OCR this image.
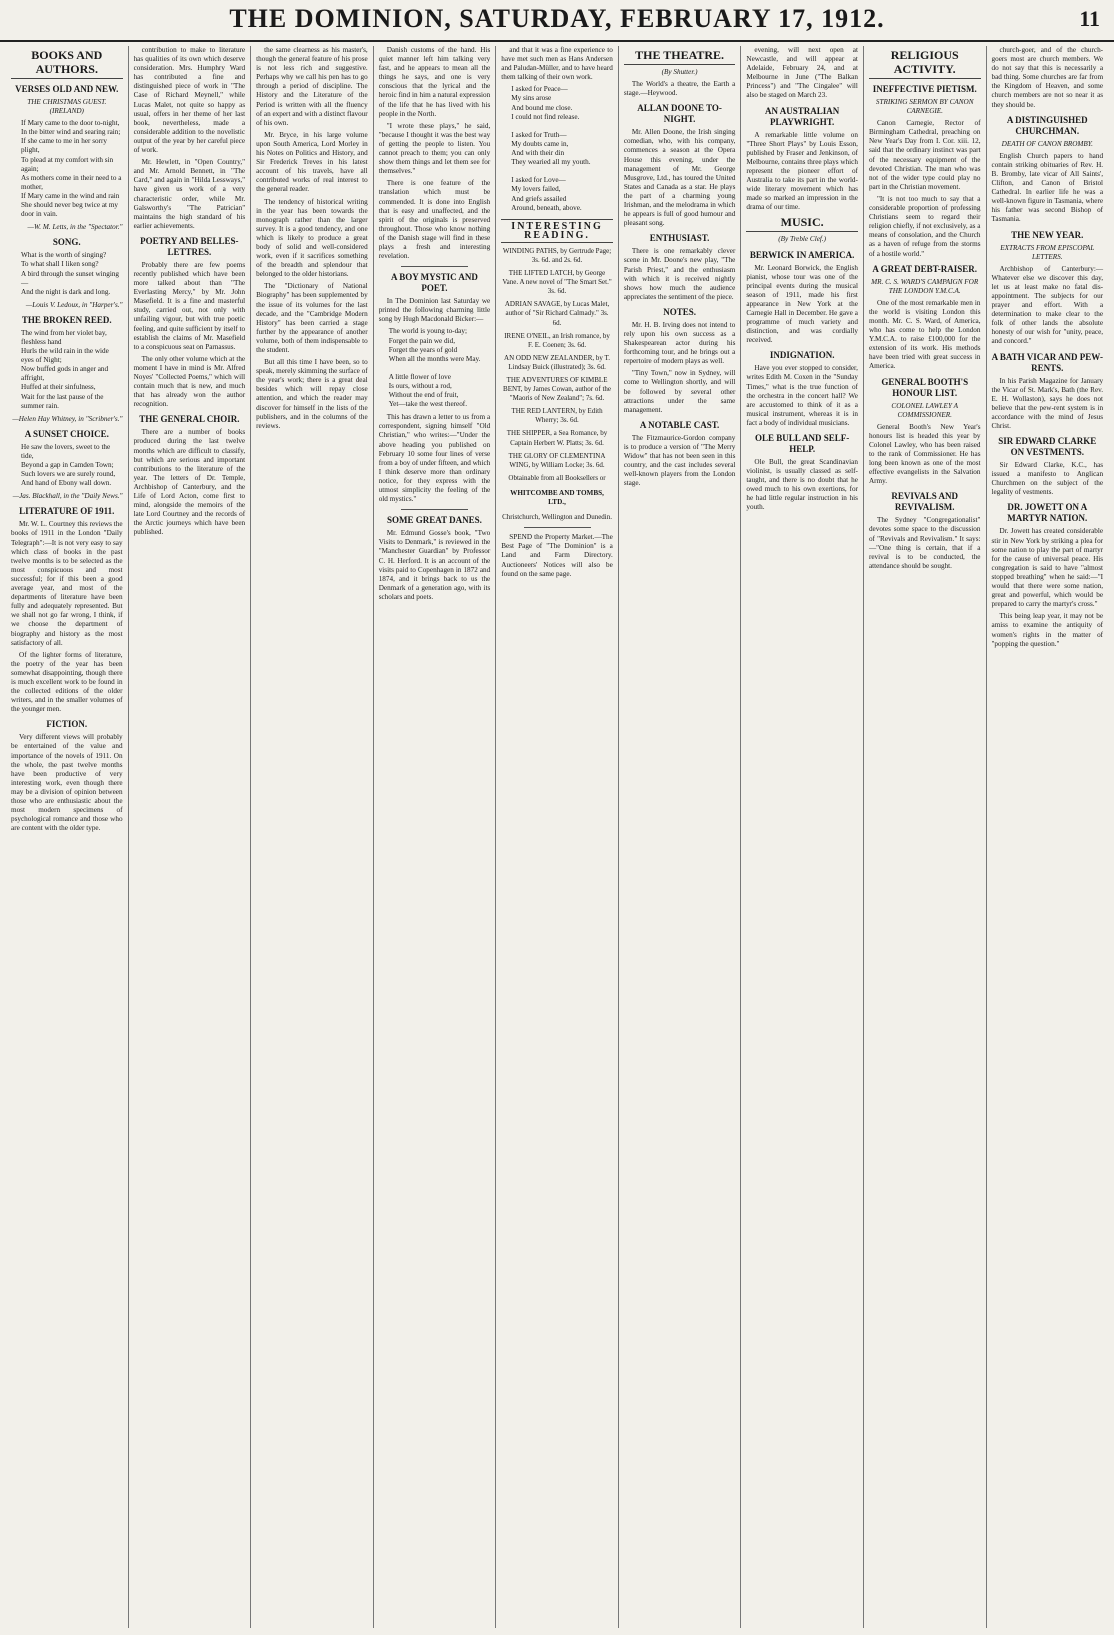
THE DOMINION, SATURDAY, FEBRUARY 17, 1912.	11
BOOKS AND AUTHORS.
VERSES OLD AND NEW.
THE CHRISTMAS GUEST. (IRELAND)
If Mary came to the door to-night,
In the bitter wind and searing rain;
If she came to me in her sorry plight,
To plead at my comfort with sin again;
As mothers come in their need to a mother,
If Mary came in the wind and rain
She should never beg twice at my door in vain.
—W. M. Letts, in the "Spectator."
SONG.
What is the worth of singing?
To what shall I liken song?
A bird through the sunset winging—
And the night is dark and long.
—Louis V. Ledoux, in "Harper's."
THE BROKEN REED.
The wind from her violet bay, fleshless hand
Hurls the wild rain in the wide eyes of Night;
Now buffed gods in anger and affright,
Huffed at their sinfulness,
Wait for the last pause of the summer rain.
—Helen Hay Whitney, in "Scribner's."
A SUNSET CHOICE.
He saw the lovers, sweet to the tide,
Beyond a gap in Camden Town;
Such lovers we are surely round,
And hand of Ebony wall down.
—Jas. Blackhall, in the "Daily News."
LITERATURE OF 1911.

Mr. W. L. Courtney this reviews the books of 1911 in the London "Daily Telegraph":—It is not very easy to say which class of books in the past twelve months is to be selected as the most conspicuous and most successful; for if this been a good average year, and most of the departments of literature have been fully and adequately represented. But we shall not go far wrong, I think, if we choose the department of biography and history as the most satisfactory of all.

Of the lighter forms of literature, the poetry of the year has been somewhat disappointing, though there is much excellent work to be found in the collected editions of the older writers, and in the smaller volumes of the younger men.

FICTION.

Very different views will probably be entertained of the value and importance of the novels of 1911. On the whole, the past twelve months have been productive of very interesting work, even though there may be a division of opinion between those who are enthusiastic about the most modern specimens of psychological romance and those who are content with the older type.

contribution to make to literature has qualities of its own which deserve consideration. Mrs. Humphry Ward has contributed a fine and distinguished piece of work in "The Case of Richard Meynell," while Lucas Malet, not quite so happy as usual, offers in her theme of her last book, nevertheless, made a considerable addition to the novelistic output of the year by her careful piece of work.

Mr. Hewlett, in "Open Country," and Mr. Arnold Bennett, in "The Card," and again in "Hilda Lessways," have given us work of a very characteristic order, while Mr. Galsworthy's "The Patrician" maintains the high standard of his earlier achievements.

POETRY AND BELLES-LETTRES.

Probably there are few poems recently published which have been more talked about than "The Everlasting Mercy," by Mr. John Masefield. It is a fine and masterful study, carried out, not only with unfailing vigour, but with true poetic feeling, and quite sufficient by itself to establish the claims of Mr. Masefield to a conspicuous seat on Parnassus.

The only other volume which at the moment I have in mind is Mr. Alfred Noyes' "Collected Poems," which will contain much that is new, and much that has already won the author recognition.

THE GENERAL CHOIR.

There are a number of books produced during the last twelve months which are difficult to classify, but which are serious and important contributions to the literature of the year. The letters of Dr. Temple, Archbishop of Canterbury, and the Life of Lord Acton, come first to mind, alongside the memoirs of the late Lord Courtney and the records of the Arctic journeys which have been published.

the same clearness as his master's, though the general feature of his prose is not less rich and suggestive. Perhaps why we call his pen has to go through a period of discipline. The History and the Literature of the Period is written with all the fluency of an expert and with a distinct flavour of his own.

Mr. Bryce, in his large volume upon South America, Lord Morley in his Notes on Politics and History, and Sir Frederick Treves in his latest account of his travels, have all contributed works of real interest to the general reader.

The tendency of historical writing in the year has been towards the monograph rather than the larger survey. It is a good tendency, and one which is likely to produce a great body of solid and well-considered work, even if it sacrifices something of the breadth and splendour that belonged to the older historians.

The "Dictionary of National Biography" has been supplemented by the issue of its volumes for the last decade, and the "Cambridge Modern History" has been carried a stage further by the appearance of another volume, both of them indispensable to the student.

But all this time I have been, so to speak, merely skimming the surface of the year's work; there is a great deal besides which will repay close attention, and which the reader may discover for himself in the lists of the publishers, and in the columns of the reviews.

Danish customs of the hand. His quiet manner left him talking very fast, and he appears to mean all the things he says, and one is very conscious that the lyrical and the heroic find in him a natural expression of the life that he has lived with his people in the North.

"I wrote these plays," he said, "because I thought it was the best way of getting the people to listen. You cannot preach to them; you can only show them things and let them see for themselves."

There is one feature of the translation which must be commended. It is done into English that is easy and unaffected, and the spirit of the originals is preserved throughout. Those who know nothing of the Danish stage will find in these plays a fresh and interesting revelation.

A BOY MYSTIC AND POET.

In The Dominion last Saturday we printed the following charming little song by Hugh Macdonald Bicker:—

The world is young to-day;
Forget the pain we did,
Forget the years of gold
When all the months were May.

A little flower of love
Is ours, without a rod,
Without the end of fruit,
Yet—take the west thereof.

This has drawn a letter to us from a correspondent, signing himself "Old Christian," who writes:—"Under the above heading you published on February 10 some four lines of verse from a boy of under fifteen, and which I think deserve more than ordinary notice, for they express with the utmost simplicity the feeling of the old mystics."

SOME GREAT DANES.

Mr. Edmund Gosse's book, "Two Visits to Denmark," is reviewed in the "Manchester Guardian" by Professor C. H. Herford. It is an account of the visits paid to Copenhagen in 1872 and 1874, and it brings back to us the Denmark of a generation ago, with its scholars and poets.

and that it was a fine experience to have met such men as Hans Andersen and Paludan-Müller, and to have heard them talking of their own work.

I asked for Peace—
My sins arose
And bound me close.
I could not find release.

I asked for Truth—
My doubts came in,
And with their din
They wearied all my youth.

I asked for Love—
My lovers failed,
And griefs assailed
Around, beneath, above.
INTERESTING READING.
WINDING PATHS, by Gertrude Page; 3s. 6d. and 2s. 6d.
THE LIFTED LATCH, by George Vane. A new novel of "The Smart Set." 3s. 6d.
ADRIAN SAVAGE, by Lucas Malet, author of "Sir Richard Calmady." 3s. 6d.
IRENE O'NEIL, an Irish romance, by F. E. Coenen; 3s. 6d.
AN ODD NEW ZEALANDER, by T. Lindsay Buick (illustrated); 3s. 6d.
THE ADVENTURES OF KIMBLE BENT, by James Cowan, author of the "Maoris of New Zealand"; 7s. 6d.
THE RED LANTERN, by Edith Wherry; 3s. 6d.
THE SHIPPER, a Sea Romance, by Captain Herbert W. Platts; 3s. 6d.
THE GLORY OF CLEMENTINA WING, by William Locke; 3s. 6d.
Obtainable from all Booksellers or
WHITCOMBE AND TOMBS, LTD.,
Christchurch, Wellington and Dunedin.

SPEND the Property Market.—The Best Page of "The Dominion" is a Land and Farm Directory. Auctioneers' Notices will also be found on the same page.

THE THEATRE.
(By Shutter.)

The World's a theatre, the Earth a stage.—Heywood.

ALLAN DOONE TO-NIGHT.

Mr. Allen Doone, the Irish singing comedian, who, with his company, commences a season at the Opera House this evening, under the management of Mr. George Musgrove, Ltd., has toured the United States and Canada as a star. He plays the part of a charming young Irishman, and the melodrama in which he appears is full of good humour and pleasant song.

ENTHUSIAST.

There is one remarkably clever scene in Mr. Doone's new play, "The Parish Priest," and the enthusiasm with which it is received nightly shows how much the audience appreciates the sentiment of the piece.

NOTES.

Mr. H. B. Irving does not intend to rely upon his own success as a Shakespearean actor during his forthcoming tour, and he brings out a repertoire of modern plays as well.

"Tiny Town," now in Sydney, will come to Wellington shortly, and will be followed by several other attractions under the same management.

A NOTABLE CAST.

The Fitzmaurice-Gordon company is to produce a version of "The Merry Widow" that has not been seen in this country, and the cast includes several well-known players from the London stage.

evening, will next open at Newcastle, and will appear at Adelaide, February 24, and at Melbourne in June ("The Balkan Princess") and "The Cingalee" will also be staged on March 23.

AN AUSTRALIAN PLAYWRIGHT.

A remarkable little volume on "Three Short Plays" by Louis Esson, published by Fraser and Jenkinson, of Melbourne, contains three plays which represent the pioneer effort of Australia to take its part in the world-wide literary movement which has made so marked an impression in the drama of our time.

MUSIC.
(By Treble Clef.)
BERWICK IN AMERICA.

Mr. Leonard Borwick, the English pianist, whose tour was one of the principal events during the musical season of 1911, made his first appearance in New York at the Carnegie Hall in December. He gave a programme of much variety and distinction, and was cordially received.

INDIGNATION.

Have you ever stopped to consider, writes Edith M. Coxen in the "Sunday Times," what is the true function of the orchestra in the concert hall? We are accustomed to think of it as a musical instrument, whereas it is in fact a body of individual musicians.

OLE BULL AND SELF-HELP.

Ole Bull, the great Scandinavian violinist, is usually classed as self-taught, and there is no doubt that he owed much to his own exertions, for he had little regular instruction in his youth.

RELIGIOUS ACTIVITY.
INEFFECTIVE PIETISM.
STRIKING SERMON BY CANON CARNEGIE.

Canon Carnegie, Rector of Birmingham Cathedral, preaching on New Year's Day from I. Cor. xiii. 12, said that the ordinary instinct was part of the necessary equipment of the devoted Christian. The man who was not of the wider type could play no part in the Christian movement.

"It is not too much to say that a considerable proportion of professing Christians seem to regard their religion chiefly, if not exclusively, as a means of consolation, and the Church as a haven of refuge from the storms of a hostile world."

A GREAT DEBT-RAISER.
MR. C. S. WARD'S CAMPAIGN FOR THE LONDON Y.M.C.A.

One of the most remarkable men in the world is visiting London this month. Mr. C. S. Ward, of America, who has come to help the London Y.M.C.A. to raise £100,000 for the extension of its work. His methods have been tried with great success in America.

GENERAL BOOTH'S HONOUR LIST.
COLONEL LAWLEY A COMMISSIONER.

General Booth's New Year's honours list is headed this year by Colonel Lawley, who has been raised to the rank of Commissioner. He has long been known as one of the most effective evangelists in the Salvation Army.

REVIVALS AND REVIVALISM.

The Sydney "Congregationalist" devotes some space to the discussion of "Revivals and Revivalism." It says:—"One thing is certain, that if a revival is to be conducted, the attendance should be sought.

church-goer, and of the church-goers most are church members. We do not say that this is necessarily a bad thing. Some churches are far from the Kingdom of Heaven, and some church members are not so near it as they should be.

A DISTINGUISHED CHURCHMAN.
DEATH OF CANON BROMBY.

English Church papers to hand contain striking obituaries of Rev. H. B. Bromby, late vicar of All Saints', Clifton, and Canon of Bristol Cathedral. In earlier life he was a well-known figure in Tasmania, where his father was second Bishop of Tasmania.

THE NEW YEAR.
EXTRACTS FROM EPISCOPAL LETTERS.

Archbishop of Canterbury:—Whatever else we discover this day, let us at least make no fatal dis-appointment. The subjects for our prayer and effort. With a determination to make clear to the folk of other lands the absolute honesty of our wish for "unity, peace, and concord."

A BATH VICAR AND PEW-RENTS.

In his Parish Magazine for January the Vicar of St. Mark's, Bath (the Rev. E. H. Wollaston), says he does not believe that the pew-rent system is in accordance with the mind of Jesus Christ.

SIR EDWARD CLARKE ON VESTMENTS.

Sir Edward Clarke, K.C., has issued a manifesto to Anglican Churchmen on the subject of the legality of vestments.

DR. JOWETT ON A MARTYR NATION.

Dr. Jowett has created considerable stir in New York by striking a plea for some nation to play the part of martyr for the cause of universal peace. His congregation is said to have "almost stopped breathing" when he said:—"I would that there were some nation, great and powerful, which would be prepared to carry the martyr's cross."

This being leap year, it may not be amiss to examine the antiquity of women's rights in the matter of "popping the question."
